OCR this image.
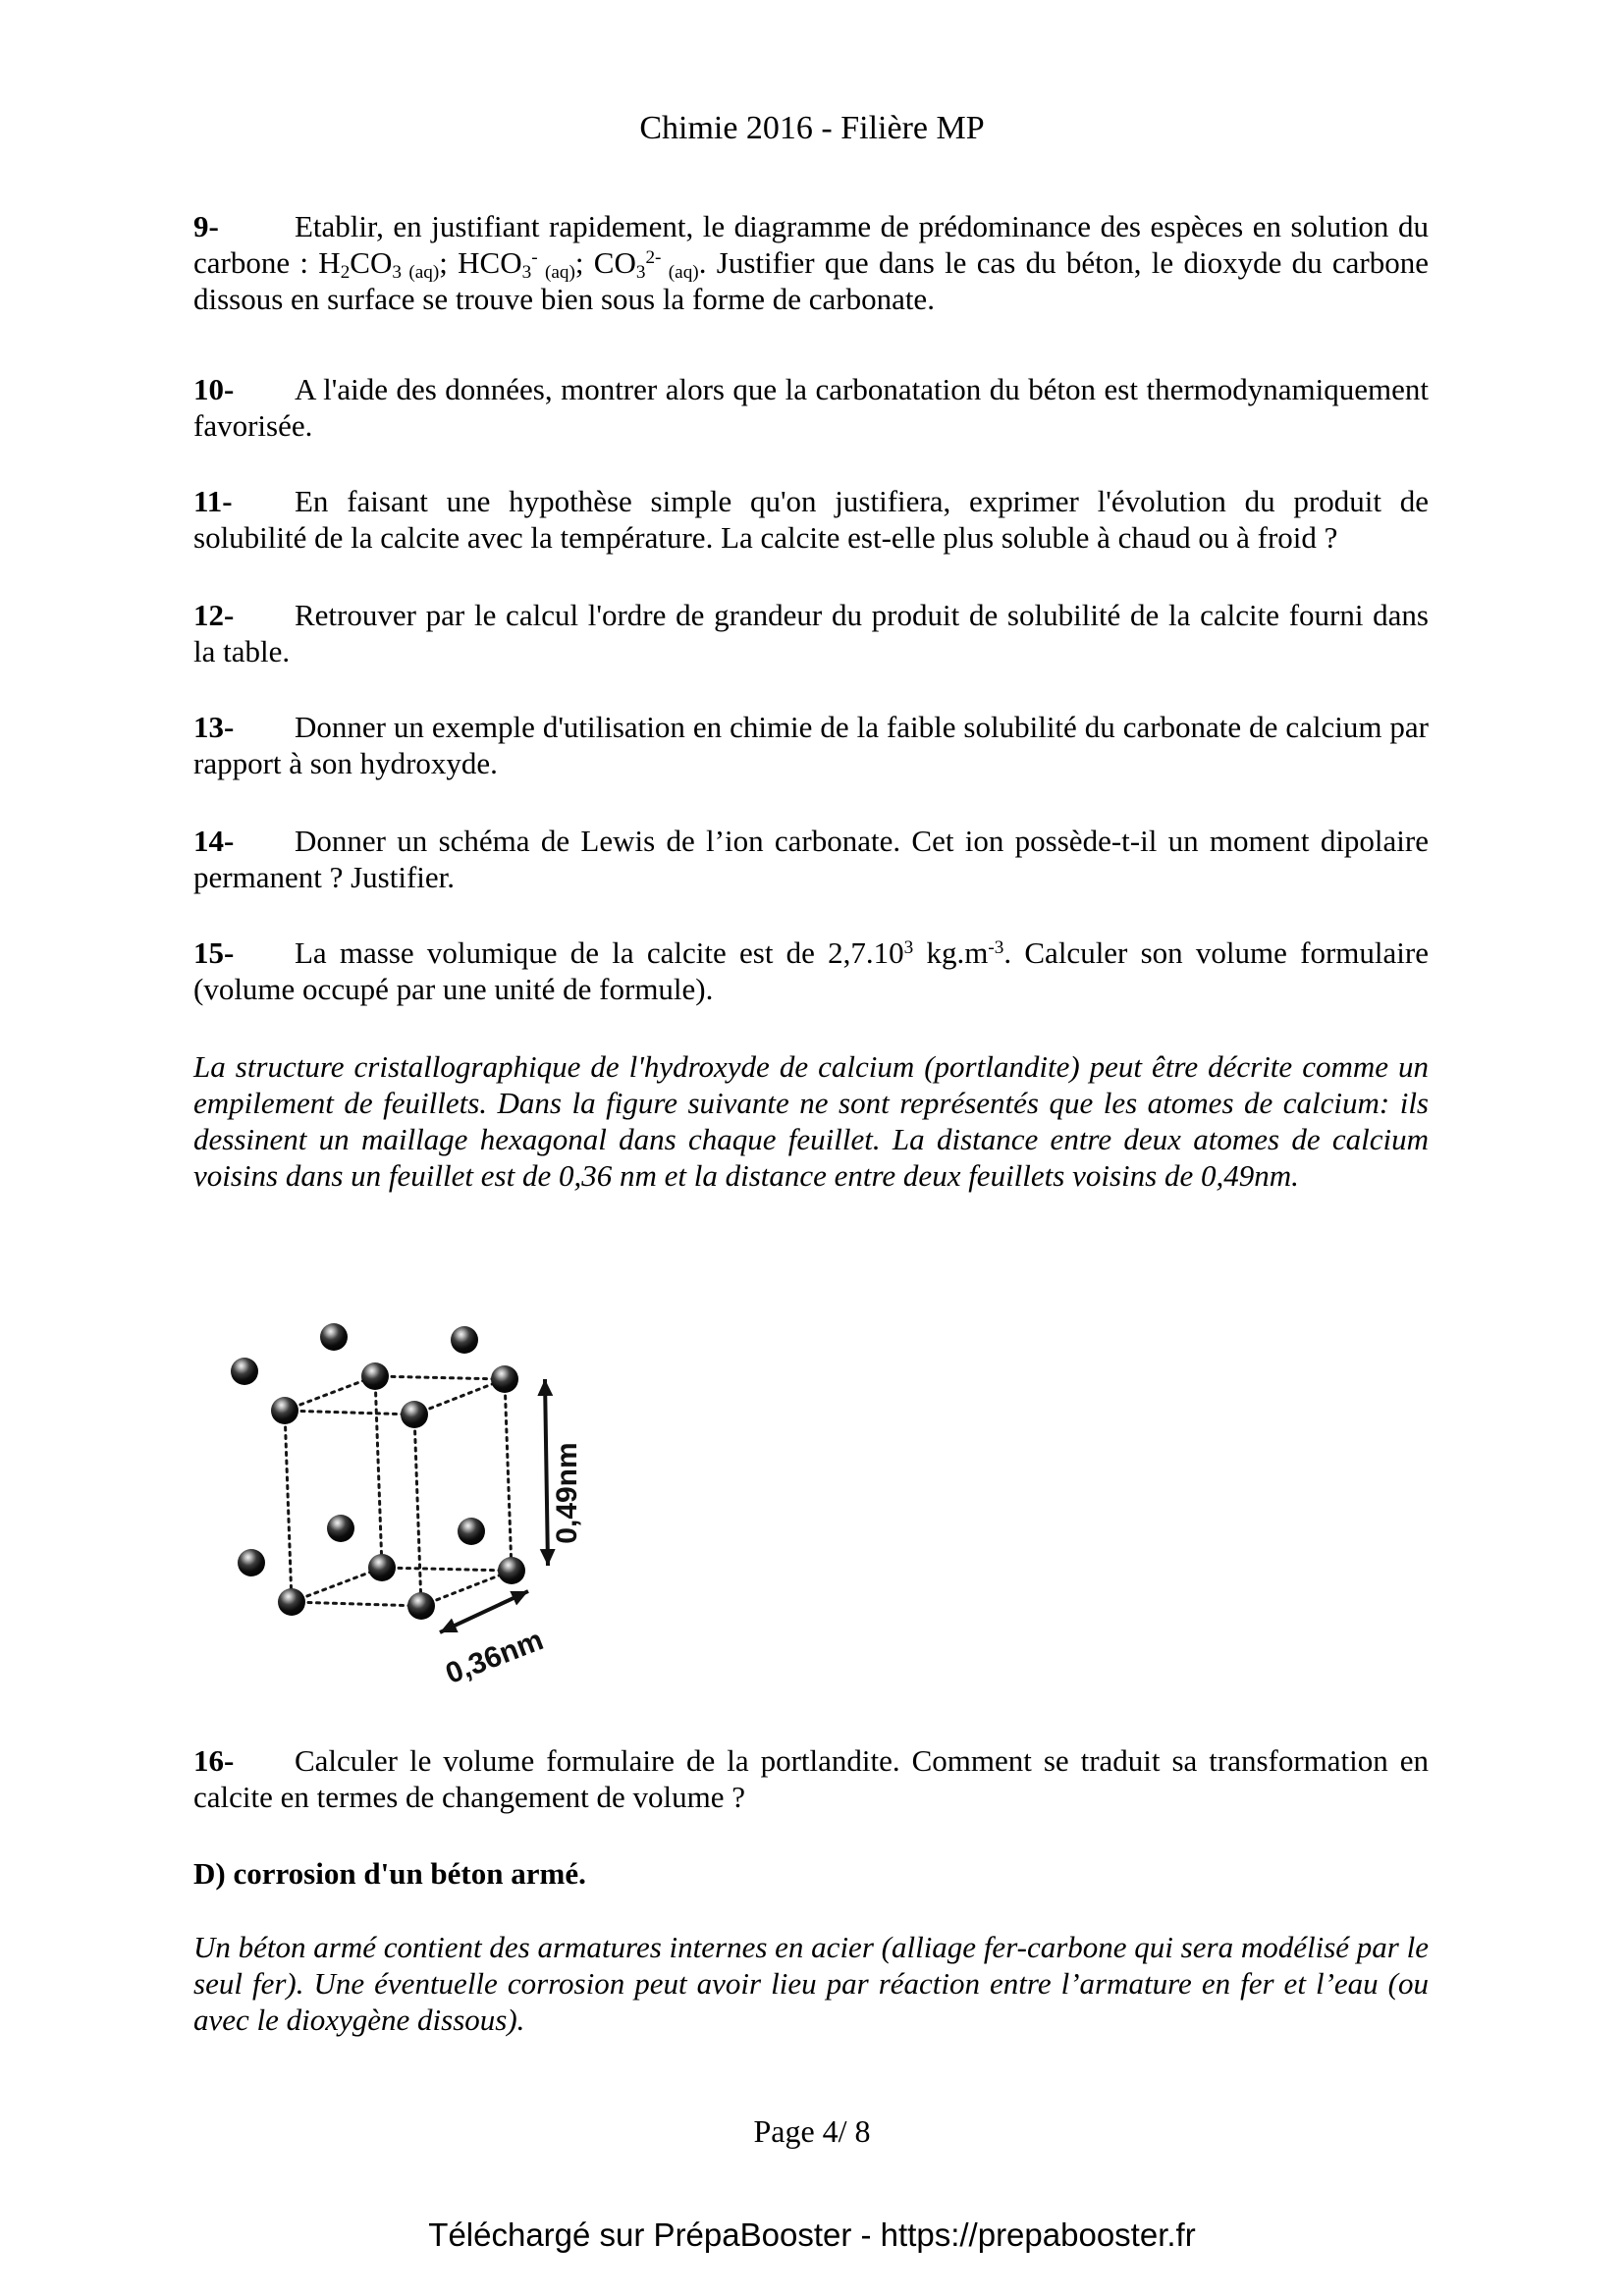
Chimie 2016 - Filière MP

9- Etablir, en justifiant rapidement, le diagramme de prédominance des espèces en solution du carbone : $H_2CO_{3 (aq)}$; $HCO_3^-$ $_{(aq)}$; $CO_3^{2-}$ $_{(aq)}$. Justifier que dans le cas du béton, le dioxyde du carbone dissous en surface se trouve bien sous la forme de carbonate.

10- A l'aide des données, montrer alors que la carbonatation du béton est thermodynamiquement favorisée.

11- En faisant une hypothèse simple qu'on justifiera, exprimer l'évolution du produit de solubilité de la calcite avec la température. La calcite est-elle plus soluble à chaud ou à froid ?

12- Retrouver par le calcul l'ordre de grandeur du produit de solubilité de la calcite fourni dans la table.

13- Donner un exemple d'utilisation en chimie de la faible solubilité du carbonate de calcium par rapport à son hydroxyde.

14- Donner un schéma de Lewis de l’ion carbonate. Cet ion possède-t-il un moment dipolaire permanent ? Justifier.

15- La masse volumique de la calcite est de 2,7.10$^3$ $kg.m^{-3}$. Calculer son volume formulaire (volume occupé par une unité de formule).

La structure cristallographique de l'hydroxyde de calcium (portlandite) peut être décrite comme un empilement de feuillets. Dans la figure suivante ne sont représentés que les atomes de calcium: ils dessinent un maillage hexagonal dans chaque feuillet. La distance entre deux atomes de calcium voisins dans un feuillet est de 0,36 nm et la distance entre deux feuillets voisins de 0,49nm.

0,49nm
0,36nm

16- Calculer le volume formulaire de la portlandite. Comment se traduit sa transformation en calcite en termes de changement de volume ?

D) corrosion d'un béton armé.

Un béton armé contient des armatures internes en acier (alliage fer-carbone qui sera modélisé par le seul fer). Une éventuelle corrosion peut avoir lieu par réaction entre l’armature en fer et l’eau (ou avec le dioxygène dissous).

Page 4/ 8

Téléchargé sur PrépaBooster - https://prepabooster.fr
